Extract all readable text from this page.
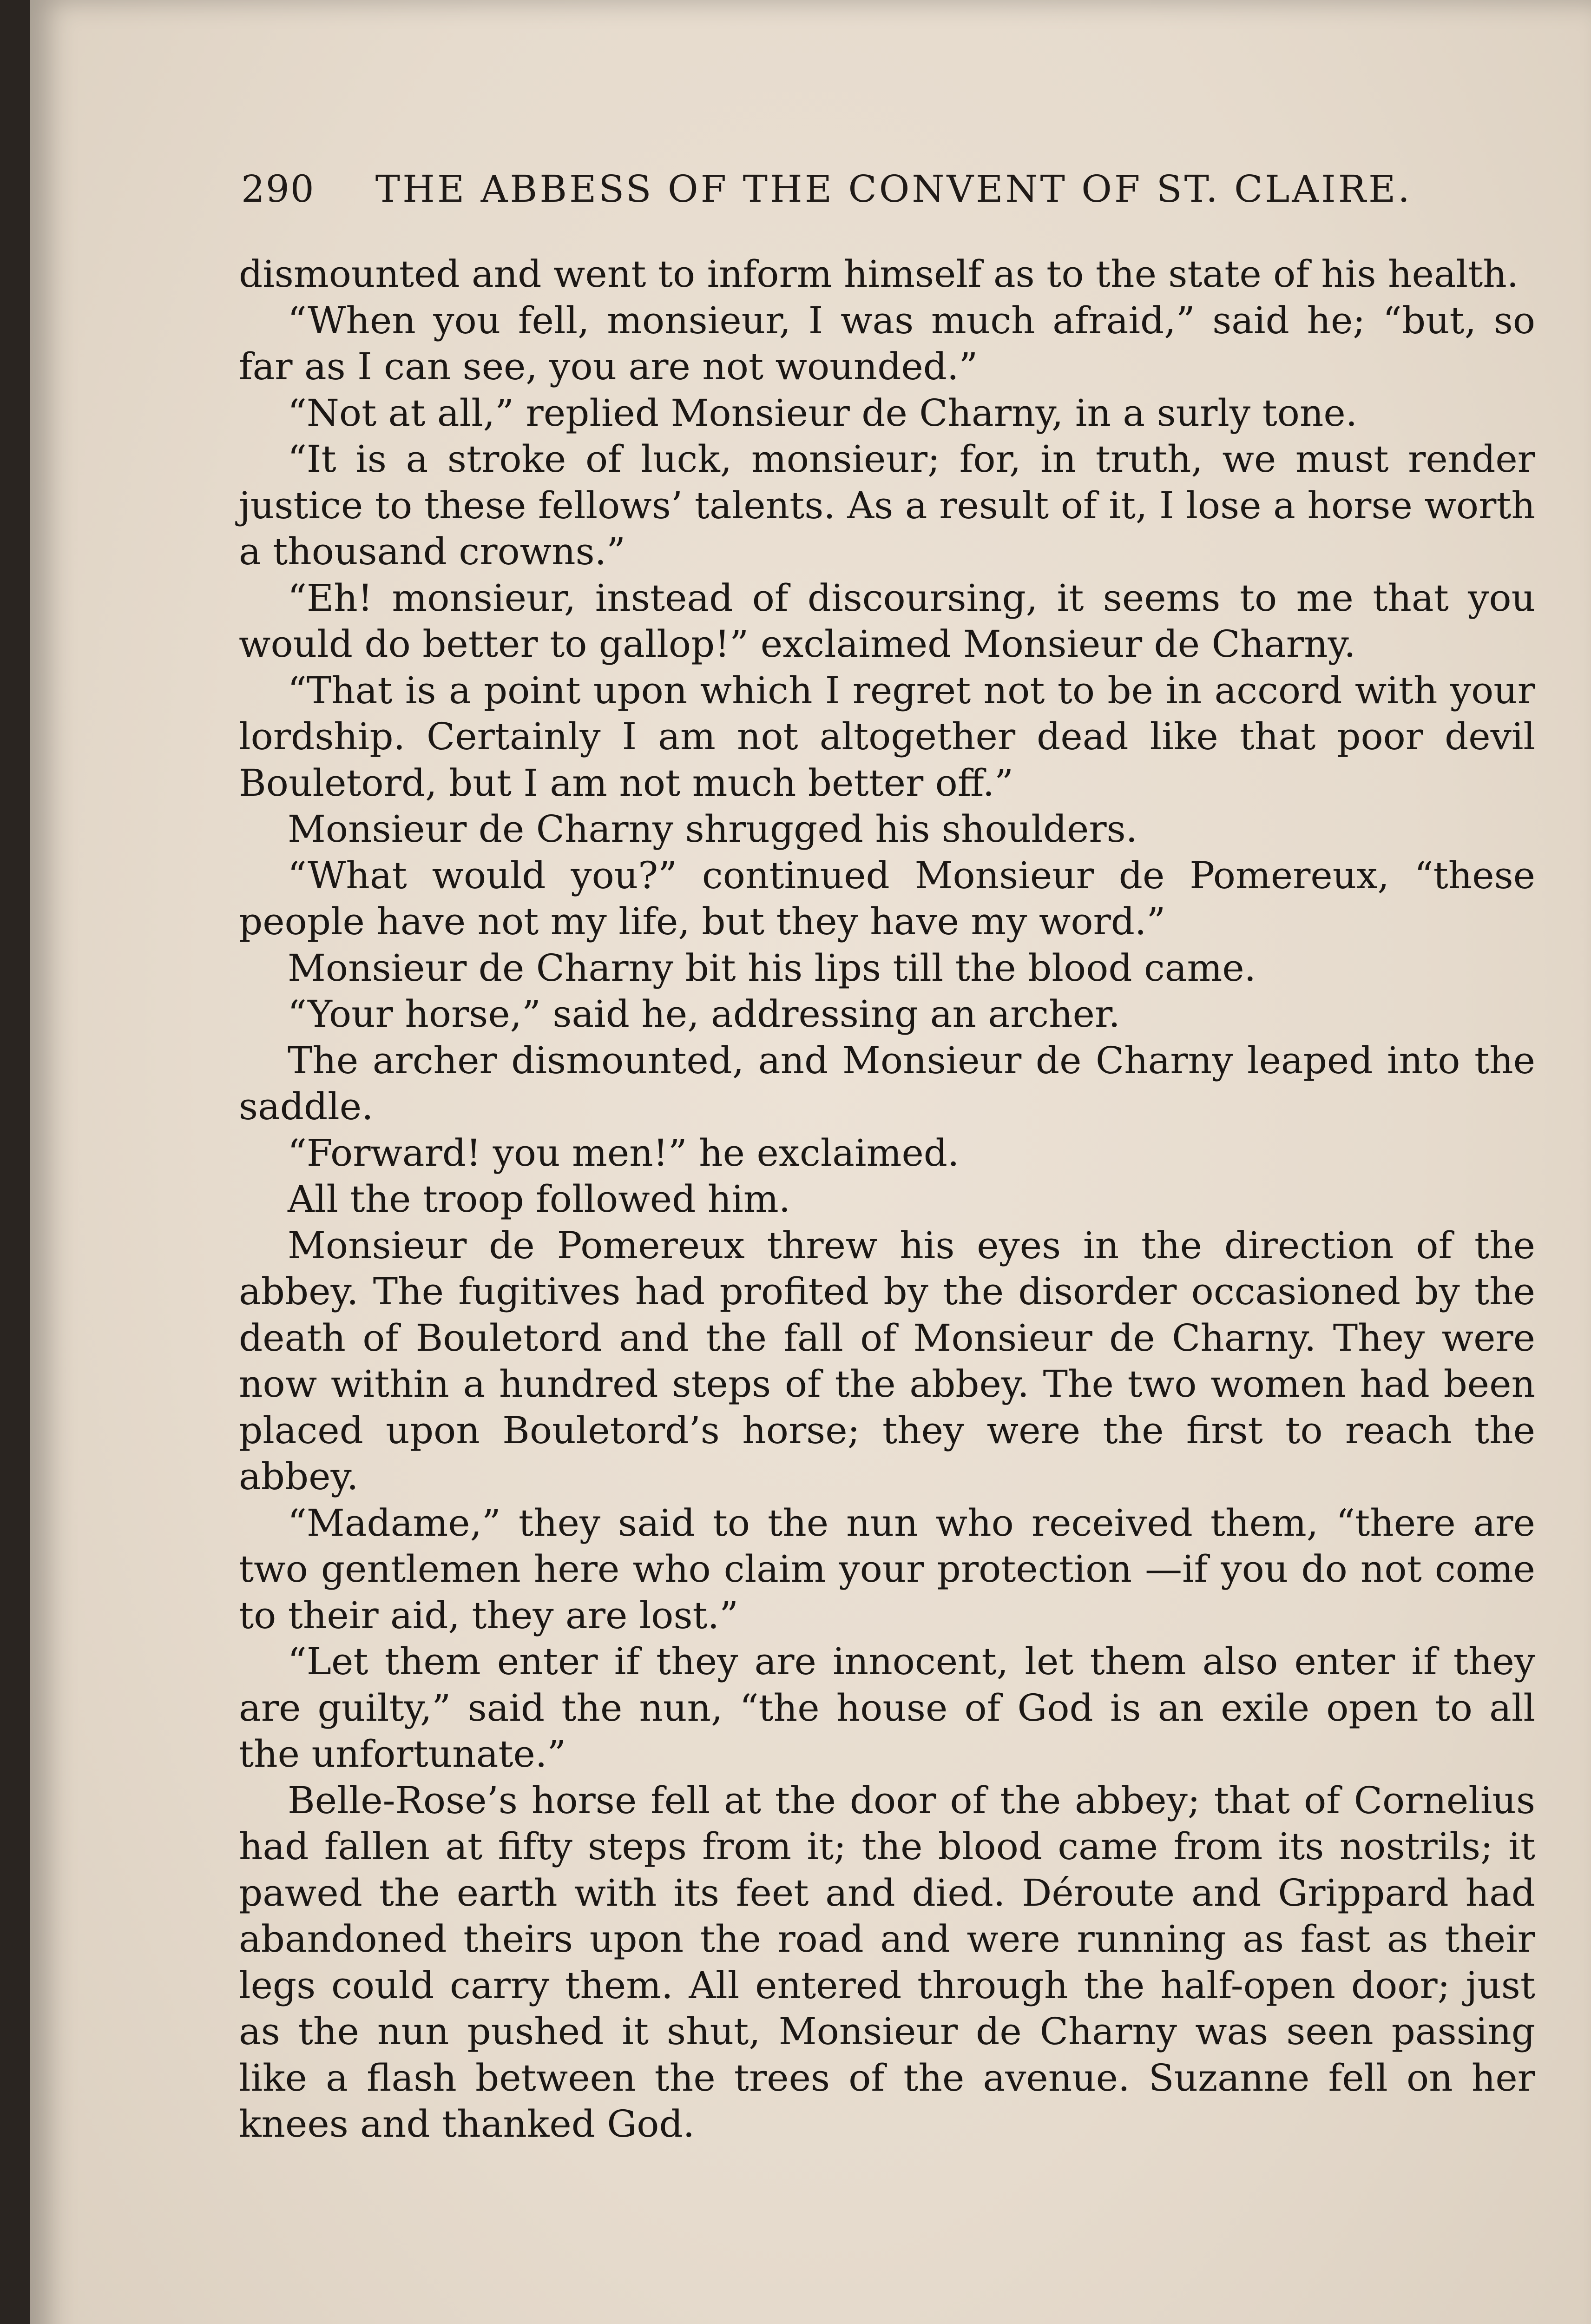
290 THE ABBESS OF THE CONVENT OF ST. CLAIRE.

dismounted and went to inform himself as to the state of his health.

“When you fell, monsieur, I was much afraid,” said he; “but, so far as I can see, you are not wounded.”

“Not at all,” replied Monsieur de Charny, in a surly tone.

“It is a stroke of luck, monsieur; for, in truth, we must render justice to these fellows’ talents. As a result of it, I lose a horse worth a thousand crowns.”

“Eh! monsieur, instead of discoursing, it seems to me that you would do better to gallop!” exclaimed Monsieur de Charny.

“That is a point upon which I regret not to be in accord with your lordship. Certainly I am not altogether dead like that poor devil Bouletord, but I am not much better off.”

Monsieur de Charny shrugged his shoulders.

“What would you?” continued Monsieur de Pomereux, “these people have not my life, but they have my word.”

Monsieur de Charny bit his lips till the blood came.

“Your horse,” said he, addressing an archer.

The archer dismounted, and Monsieur de Charny leaped into the saddle.

“Forward! you men!” he exclaimed.

All the troop followed him.

Monsieur de Pomereux threw his eyes in the direction of the abbey. The fugitives had profited by the disorder occasioned by the death of Bouletord and the fall of Monsieur de Charny. They were now within a hundred steps of the abbey. The two women had been placed upon Bouletord’s horse; they were the first to reach the abbey.

“Madame,” they said to the nun who received them, “there are two gentlemen here who claim your protection —if you do not come to their aid, they are lost.”

“Let them enter if they are innocent, let them also enter if they are guilty,” said the nun, “the house of God is an exile open to all the unfortunate.”

Belle-Rose’s horse fell at the door of the abbey; that of Cornelius had fallen at fifty steps from it; the blood came from its nostrils; it pawed the earth with its feet and died. Déroute and Grippard had abandoned theirs upon the road and were running as fast as their legs could carry them. All entered through the half-open door; just as the nun pushed it shut, Monsieur de Charny was seen passing like a flash between the trees of the avenue. Suzanne fell on her knees and thanked God.
